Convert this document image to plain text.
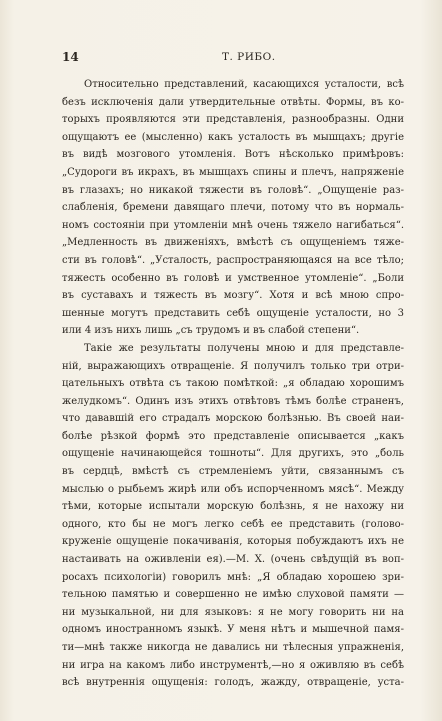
14	Т. РИБО.
Относительно представлений, касающихся усталости, всѣ
безъ исключенія дали утвердительные отвѣты. Формы, въ ко-
торыхъ проявляются эти представленія, разнообразны. Одни
ощущаютъ ее (мысленно) какъ усталость въ мышцахъ; другіе
въ видѣ мозгового утомленія. Вотъ нѣсколько примѣровъ:
„Судороги въ икрахъ, въ мышцахъ спины и плечъ, напряженіе
въ глазахъ; но никакой тяжести въ головѣ“. „Ощущеніе раз-
слабленія, бремени давящаго плечи, потому что въ нормаль-
номъ состояніи при утомленіи мнѣ очень тяжело нагибаться“.
„Медленность въ движеніяхъ, вмѣстѣ съ ощущеніемъ тяже-
сти въ головѣ“. „Усталость, распространяющаяся на все тѣло;
тяжесть особенно въ головѣ и умственное утомленіе“. „Боли
въ суставахъ и тяжесть въ мозгу“. Хотя и всѣ мною спро-
шенные могутъ представить себѣ ощущеніе усталости, но 3
или 4 изъ нихъ лишь „съ трудомъ и въ слабой степени“.
Такіе же результаты получены мною и для представле-
ній, выражающихъ отвращеніе. Я получилъ только три отри-
цательныхъ отвѣта съ такою помѣткой: „я обладаю хорошимъ
желудкомъ“. Одинъ изъ этихъ отвѣтовъ тѣмъ болѣе страненъ,
что дававшій его страдалъ морскою болѣзнью. Въ своей наи-
болѣе рѣзкой формѣ это представленіе описывается „какъ
ощущеніе начинающейся тошноты“. Для другихъ, это „боль
въ сердцѣ, вмѣстѣ съ стремленіемъ уйти, связаннымъ съ
мыслью о рыбьемъ жирѣ или объ испорченномъ мясѣ“. Между
тѣми, которые испытали морскую болѣзнь, я не нахожу ни
одного, кто бы не могъ легко себѣ ее представить (голово-
круженіе ощущеніе покачиванія, которыя побуждаютъ ихъ не
настаивать на оживленіи ея).—М. Х. (очень свѣдущій въ воп-
росахъ психологіи) говорилъ мнѣ: „Я обладаю хорошею зри-
тельною памятью и совершенно не имѣю слуховой памяти —
ни музыкальной, ни для языковъ: я не могу говорить ни на
одномъ иностранномъ языкѣ. У меня нѣтъ и мышечной памя-
ти—мнѣ также никогда не давались ни тѣлесныя упражненія,
ни игра на какомъ либо инструментѣ,—но я оживляю въ себѣ
всѣ внутреннія ощущенія: голодъ, жажду, отвращеніе, уста-
